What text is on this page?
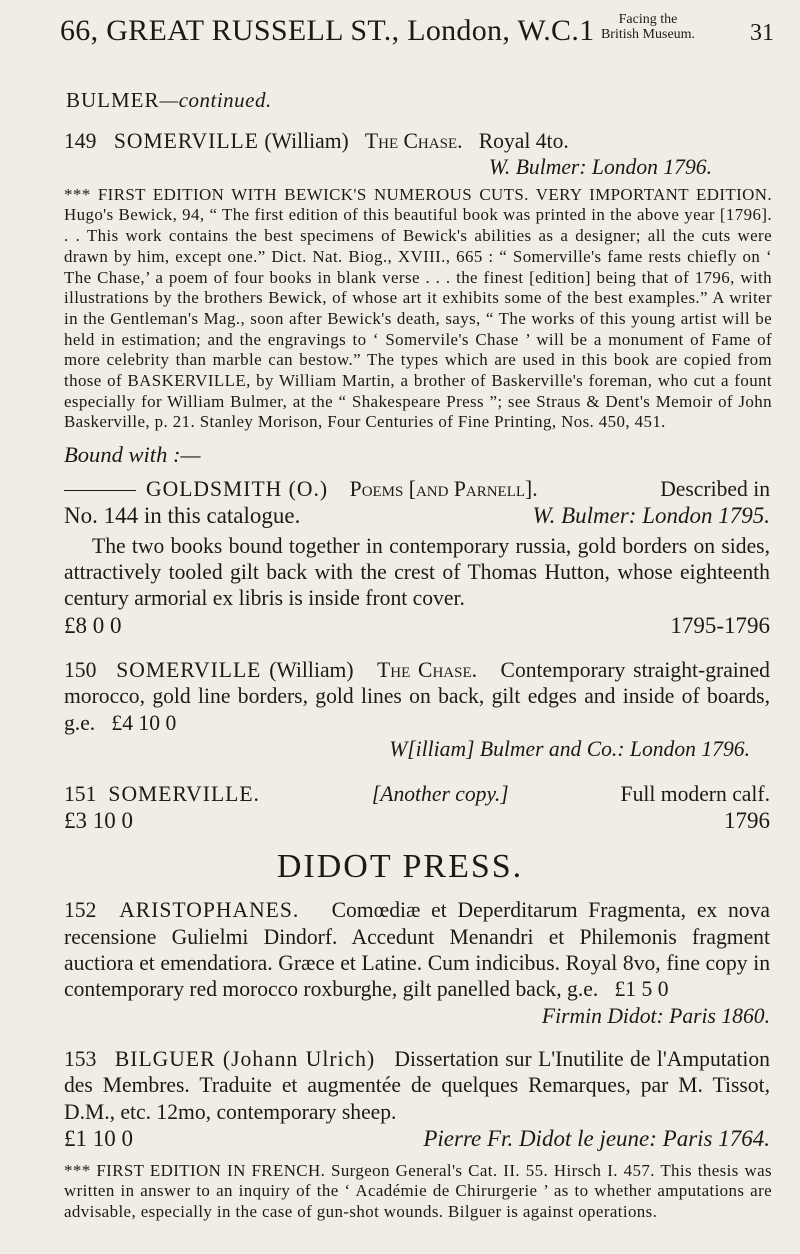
66, GREAT RUSSELL ST., London, W.C.1	Facing the
British Museum. 31
BULMER—continued.
149 SOMERVILLE (William) The Chase. Royal 4to.
W. Bulmer: London 1796.
*** FIRST EDITION WITH BEWICK'S NUMEROUS CUTS. VERY IMPORTANT EDITION. Hugo's Bewick, 94, “ The first edition of this beautiful book was printed in the above year [1796]. . . This work contains the best specimens of Bewick's abilities as a designer; all the cuts were drawn by him, except one.” Dict. Nat. Biog., XVIII., 665 : “ Somerville's fame rests chiefly on ‘ The Chase,’ a poem of four books in blank verse . . . the finest [edition] being that of 1796, with illustrations by the brothers Bewick, of whose art it exhibits some of the best examples.” A writer in the Gentleman's Mag., soon after Bewick's death, says, “ The works of this young artist will be held in estimation; and the engravings to ‘ Somervile's Chase ’ will be a monument of Fame of more celebrity than marble can bestow.” The types which are used in this book are copied from those of BASKERVILLE, by William Martin, a brother of Baskerville's foreman, who cut a fount especially for William Bulmer, at the “ Shakespeare Press ”; see Straus & Dent's Memoir of John Baskerville, p. 21. Stanley Morison, Four Centuries of Fine Printing, Nos. 450, 451.
Bound with :—
GOLDSMITH (O.) Poems [and Parnell].	Described in
No. 144 in this catalogue.	W. Bulmer: London 1795.
The two books bound together in contemporary russia, gold borders on sides, attractively tooled gilt back with the crest of Thomas Hutton, whose eighteenth century armorial ex libris is inside front cover.
£8 0 0	1795-1796
150 SOMERVILLE (William) The Chase. Contemporary straight-grained morocco, gold line borders, gold lines on back, gilt edges and inside of boards, g.e. £4 10 0
W[illiam] Bulmer and Co.: London 1796.
151 SOMERVILLE.	[Another copy.]	Full modern calf.
£3 10 0	1796
DIDOT PRESS.
152 ARISTOPHANES. Comœdiæ et Deperditarum Fragmenta, ex nova recensione Gulielmi Dindorf. Accedunt Menandri et Philemonis fragment auctiora et emendatiora. Græce et Latine. Cum indicibus. Royal 8vo, fine copy in contemporary red morocco roxburghe, gilt panelled back, g.e. £1 5 0
Firmin Didot: Paris 1860.
153 BILGUER (Johann Ulrich) Dissertation sur L'Inutilite de l'Amputation des Membres. Traduite et augmentée de quelques Remarques, par M. Tissot, D.M., etc. 12mo, contemporary sheep.
£1 10 0	Pierre Fr. Didot le jeune: Paris 1764.
*** FIRST EDITION IN FRENCH. Surgeon General's Cat. II. 55. Hirsch I. 457. This thesis was written in answer to an inquiry of the ‘ Académie de Chirurgerie ’ as to whether amputations are advisable, especially in the case of gun-shot wounds. Bilguer is against operations.
